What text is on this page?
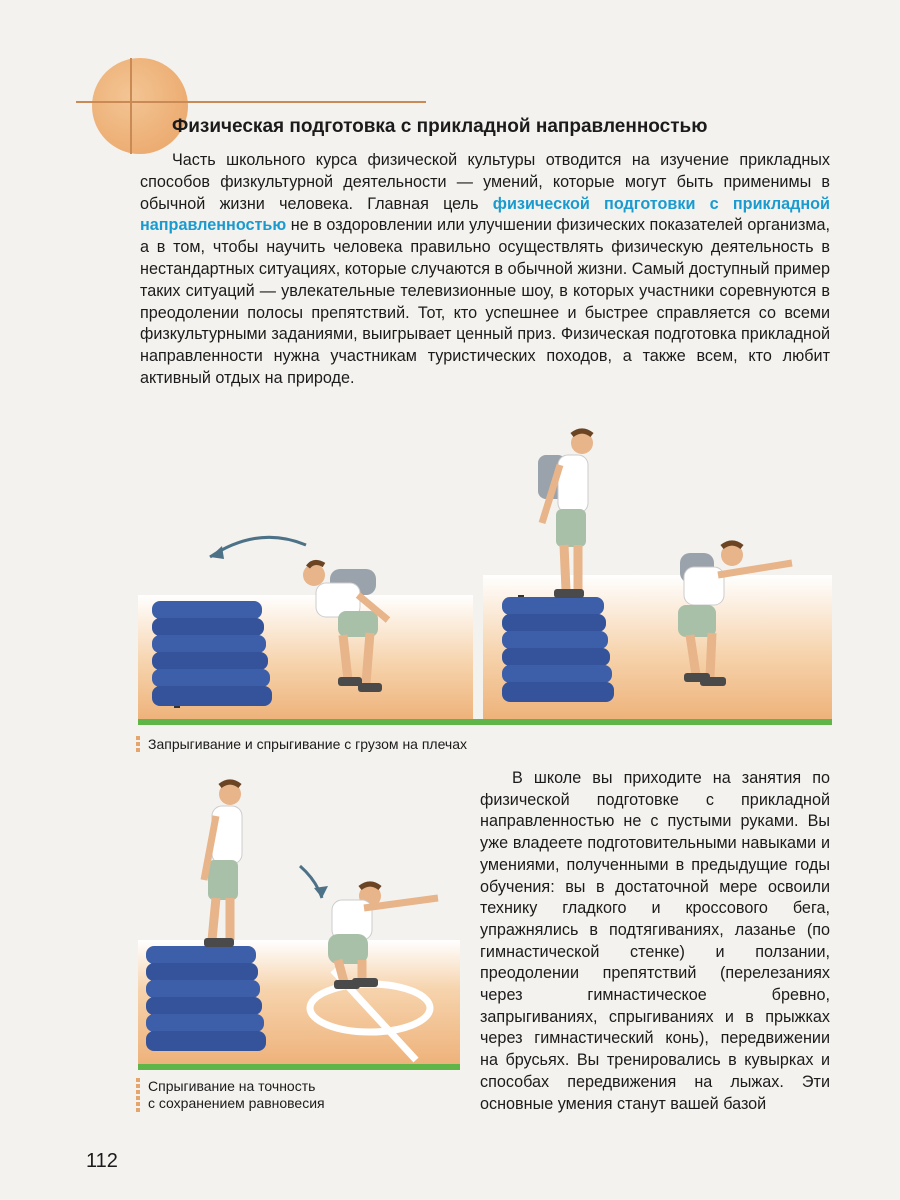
Физическая подготовка с прикладной направленностью

Часть школьного курса физической культуры отводится на изучение прикладных способов физкультурной деятельности — умений, которые могут быть применимы в обычной жизни человека. Главная цель физической подготовки с прикладной направленностью не в оздоровлении или улучшении физических показателей организма, а в том, чтобы научить человека правильно осуществлять физическую деятельность в нестандартных ситуациях, которые случаются в обычной жизни. Самый доступный пример таких ситуаций — увлекательные телевизионные шоу, в которых участники соревнуются в преодолении полосы препятствий. Тот, кто успешнее и быстрее справляется со всеми физкультурными заданиями, выигрывает ценный приз. Физическая подготовка прикладной направленности нужна участникам туристических походов, а также всем, кто любит активный отдых на природе.

Запрыгивание и спрыгивание с грузом на плечах
Спрыгивание на точность
с сохранением равновесия

В школе вы приходите на занятия по физической подготовке с прикладной направленностью не с пустыми руками. Вы уже владеете подготовительными навыками и умениями, полученными в предыдущие годы обучения: вы в достаточной мере освоили технику гладкого и кроссового бега, упражнялись в подтягиваниях, лазанье (по гимнастической стенке) и ползании, преодолении препятствий (перелезаниях через гимнастическое бревно, запрыгиваниях, спрыгиваниях и в прыжках через гимнастический конь), передвижении на брусьях. Вы тренировались в кувырках и способах передвижения на лыжах. Эти основные умения станут вашей базой

112
